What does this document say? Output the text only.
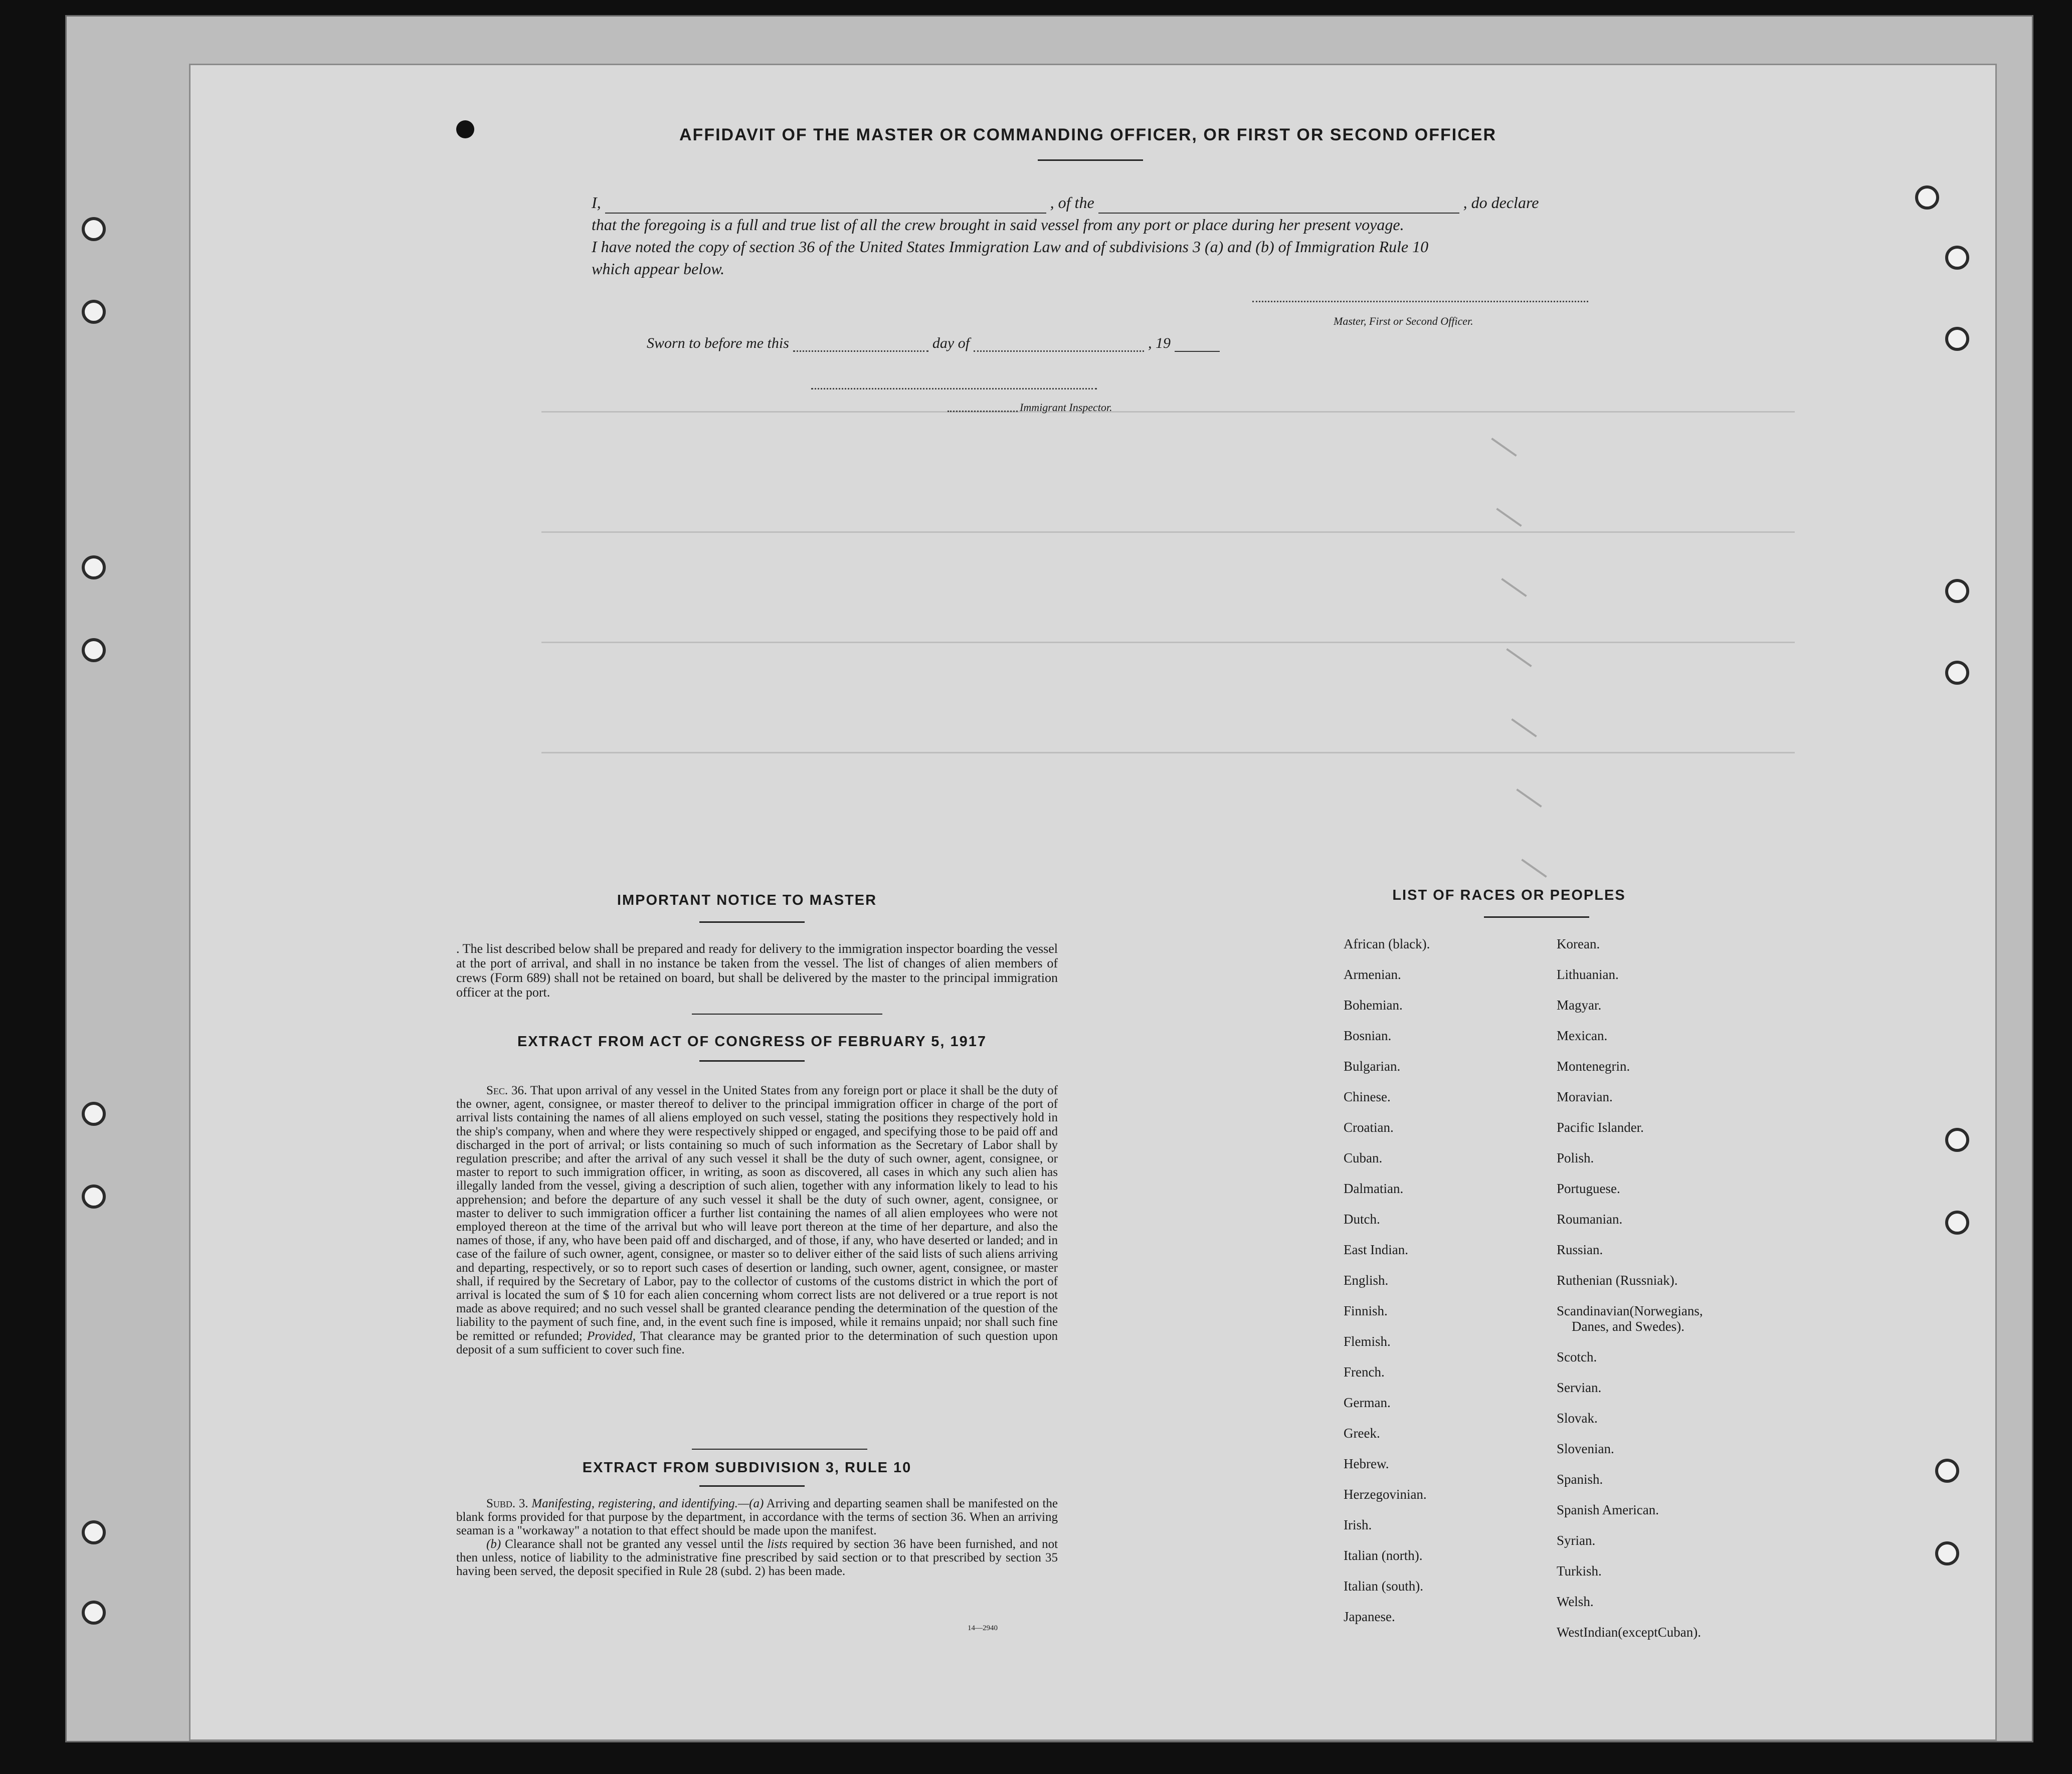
AFFIDAVIT OF THE MASTER OR COMMANDING OFFICER, OR FIRST OR SECOND OFFICER
I,	, of the	, do declare
that the foregoing is a full and true list of all the crew brought in said vessel from any port or place during her present voyage.
I have noted the copy of section 36 of the United States Immigration Law and of subdivisions 3 (a) and (b) of Immigration Rule 10
which appear below.
Master, First or Second Officer.
Sworn to before me this	day of	, 19
Immigrant Inspector.
IMPORTANT NOTICE TO MASTER
. The list described below shall be prepared and ready for delivery to the immigration inspector boarding the vessel at the port of arrival, and shall in no instance be taken from the vessel. The list of changes of alien members of crews (Form 689) shall not be retained on board, but shall be delivered by the master to the principal immigration officer at the port.
EXTRACT FROM ACT OF CONGRESS OF FEBRUARY 5, 1917
Sec. 36. That upon arrival of any vessel in the United States from any foreign port or place it shall be the duty of the owner, agent, consignee, or master thereof to deliver to the principal immigration officer in charge of the port of arrival lists containing the names of all aliens employed on such vessel, stating the positions they respectively hold in the ship's company, when and where they were respectively shipped or engaged, and specifying those to be paid off and discharged in the port of arrival; or lists containing so much of such information as the Secretary of Labor shall by regulation prescribe; and after the arrival of any such vessel it shall be the duty of such owner, agent, consignee, or master to report to such immigration officer, in writing, as soon as discovered, all cases in which any such alien has illegally landed from the vessel, giving a description of such alien, together with any information likely to lead to his apprehension; and before the departure of any such vessel it shall be the duty of such owner, agent, consignee, or master to deliver to such immigration officer a further list containing the names of all alien employees who were not employed thereon at the time of the arrival but who will leave port thereon at the time of her departure, and also the names of those, if any, who have been paid off and discharged, and of those, if any, who have deserted or landed; and in case of the failure of such owner, agent, consignee, or master so to deliver either of the said lists of such aliens arriving and departing, respectively, or so to report such cases of desertion or landing, such owner, agent, consignee, or master shall, if required by the Secretary of Labor, pay to the collector of customs of the customs district in which the port of arrival is located the sum of $ 10 for each alien concerning whom correct lists are not delivered or a true report is not made as above required; and no such vessel shall be granted clearance pending the determination of the question of the liability to the payment of such fine, and, in the event such fine is imposed, while it remains unpaid; nor shall such fine be remitted or refunded; Provided, That clearance may be granted prior to the determination of such question upon deposit of a sum sufficient to cover such fine.
EXTRACT FROM SUBDIVISION 3, RULE 10
Subd. 3. Manifesting, registering, and identifying.—(a) Arriving and departing seamen shall be manifested on the blank forms provided for that purpose by the department, in accordance with the terms of section 36. When an arriving seaman is a "workaway" a notation to that effect should be made upon the manifest.
(b) Clearance shall not be granted any vessel until the lists required by section 36 have been furnished, and not then unless, notice of liability to the administrative fine prescribed by said section or to that prescribed by section 35 having been served, the deposit specified in Rule 28 (subd. 2) has been made.
14—2940
LIST OF RACES OR PEOPLES
African (black).
Armenian.
Bohemian.
Bosnian.
Bulgarian.
Chinese.
Croatian.
Cuban.
Dalmatian.
Dutch.
East Indian.
English.
Finnish.
Flemish.
French.
German.
Greek.
Hebrew.
Herzegovinian.
Irish.
Italian (north).
Italian (south).
Japanese.
Korean.
Lithuanian.
Magyar.
Mexican.
Montenegrin.
Moravian.
Pacific Islander.
Polish.
Portuguese.
Roumanian.
Russian.
Ruthenian (Russniak).
Scandinavian(Norwegians,
Danes, and Swedes).
Scotch.
Servian.
Slovak.
Slovenian.
Spanish.
Spanish American.
Syrian.
Turkish.
Welsh.
WestIndian(exceptCuban).
